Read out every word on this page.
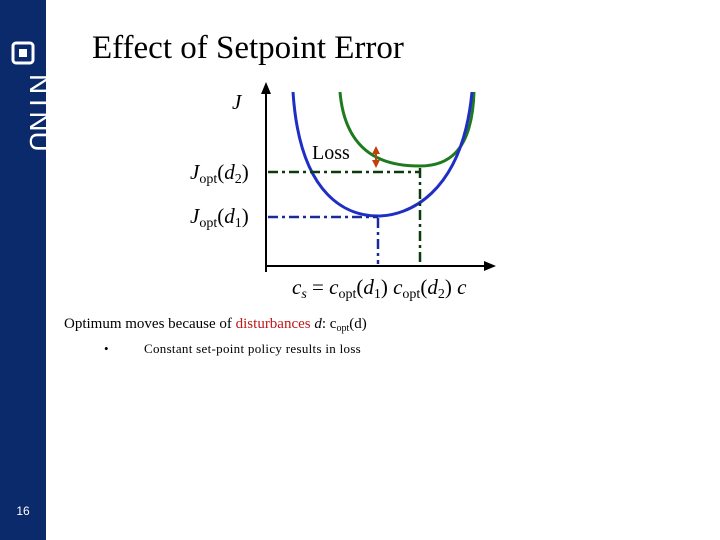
NTNU
16
Effect of Setpoint Error
J
$J_{opt}(d_2)$
$J_{opt}(d_1)$
Loss
$c_s = c_{opt}(d_1)$ $c_{opt}(d_2)$ c
Optimum moves because of disturbances d: $c_{opt}(d)$
•	Constant set-point policy results in loss
